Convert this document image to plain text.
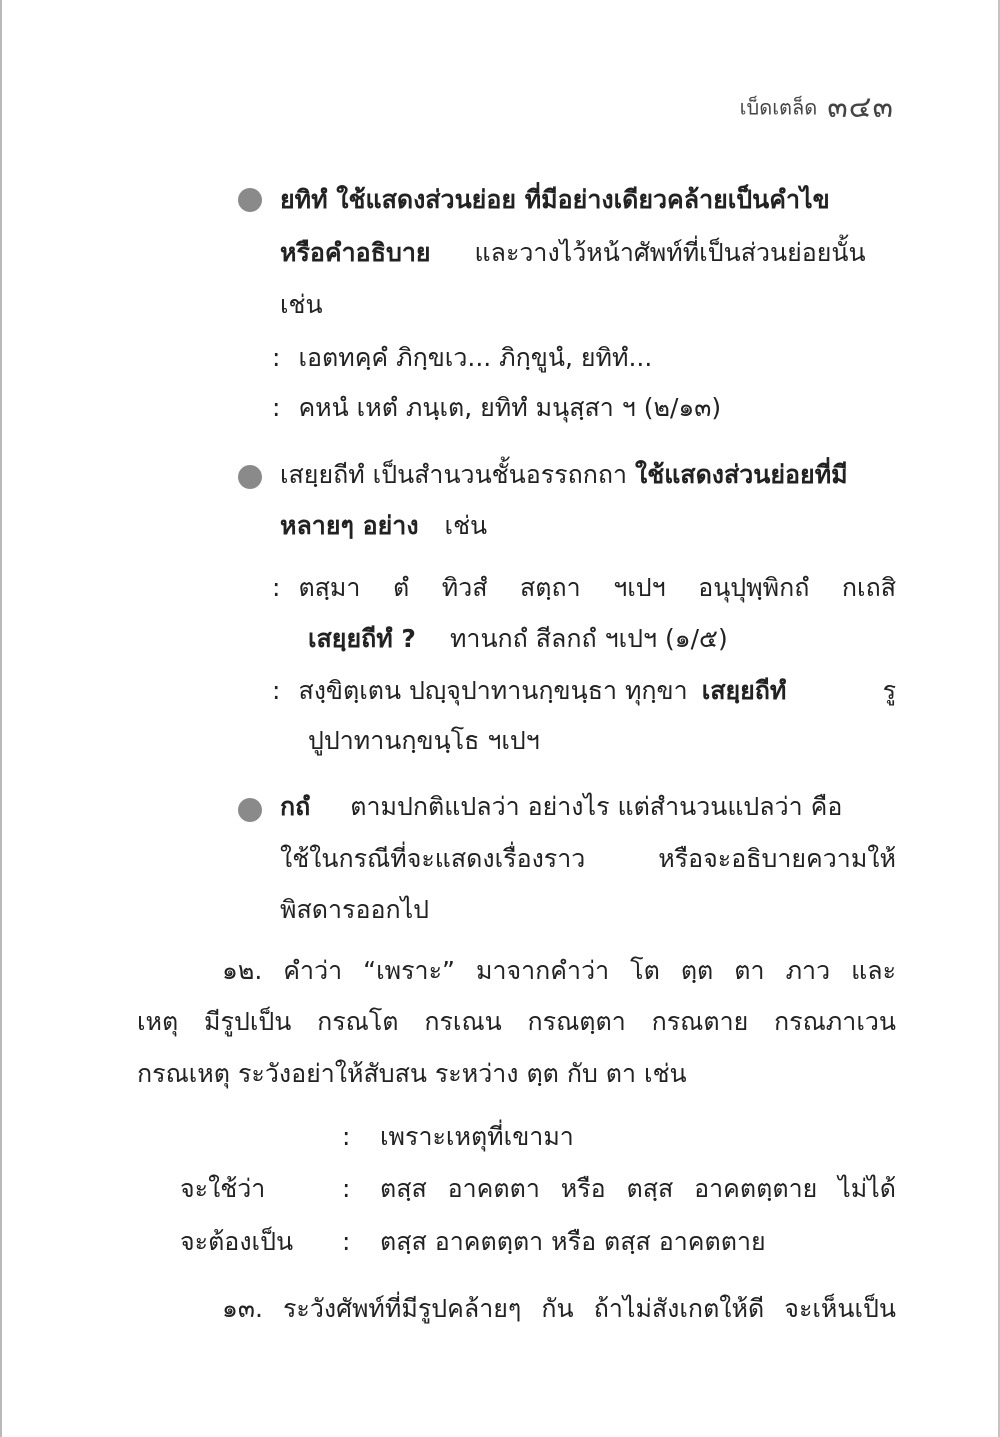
เบ็ดเตล็ด ๓๔๓
ยทิทํ ใช้แสดงส่วนย่อย ที่มีอย่างเดียวคล้ายเป็นคำไข
หรือคำอธิบาย และวางไว้หน้าศัพท์ที่เป็นส่วนย่อยนั้น
เช่น
: เอตทคฺคํ ภิกฺขเว... ภิกฺขูนํ, ยทิทํ...
: คหนํ เหตํ ภนฺเต, ยทิทํ มนุสฺสา ฯ (๒/๑๓)
เสยฺยถีทํ เป็นสำนวนชั้นอรรถกถา ใช้แสดงส่วนย่อยที่มี
หลายๆ อย่าง เช่น
: ตสฺมา ตํ ทิวสํ สตฺถา ฯเปฯ อนุปุพฺพิกถํ กเถสิ
เสยฺยถีทํ ? ทานกถํ สีลกถํ ฯเปฯ (๑/๕)
: สงฺขิตฺเตน ปญฺจุปาทานกฺขนฺธา ทุกฺขา เสยฺยถีทํ	รู
ปูปาทานกฺขนฺโธ ฯเปฯ
กถํ ตามปกติแปลว่า อย่างไร แต่สำนวนแปลว่า คือ
ใช้ในกรณีที่จะแสดงเรื่องราว หรือจะอธิบายความให้
พิสดารออกไป
๑๒. คำว่า “เพราะ” มาจากคำว่า โต ตฺต ตา ภาว และ
เหตุ มีรูปเป็น กรณโต กรเณน กรณตฺตา กรณตาย กรณภาเวน
กรณเหตุ ระวังอย่าให้สับสน ระหว่าง ตฺต กับ ตา เช่น
: เพราะเหตุที่เขามา
จะใช้ว่า	: ตสฺส อาคตตา หรือ ตสฺส อาคตตฺตาย ไม่ได้
จะต้องเป็น : ตสฺส อาคตตฺตา หรือ ตสฺส อาคตตาย
๑๓. ระวังศัพท์ที่มีรูปคล้ายๆ กัน ถ้าไม่สังเกตให้ดี จะเห็นเป็น
